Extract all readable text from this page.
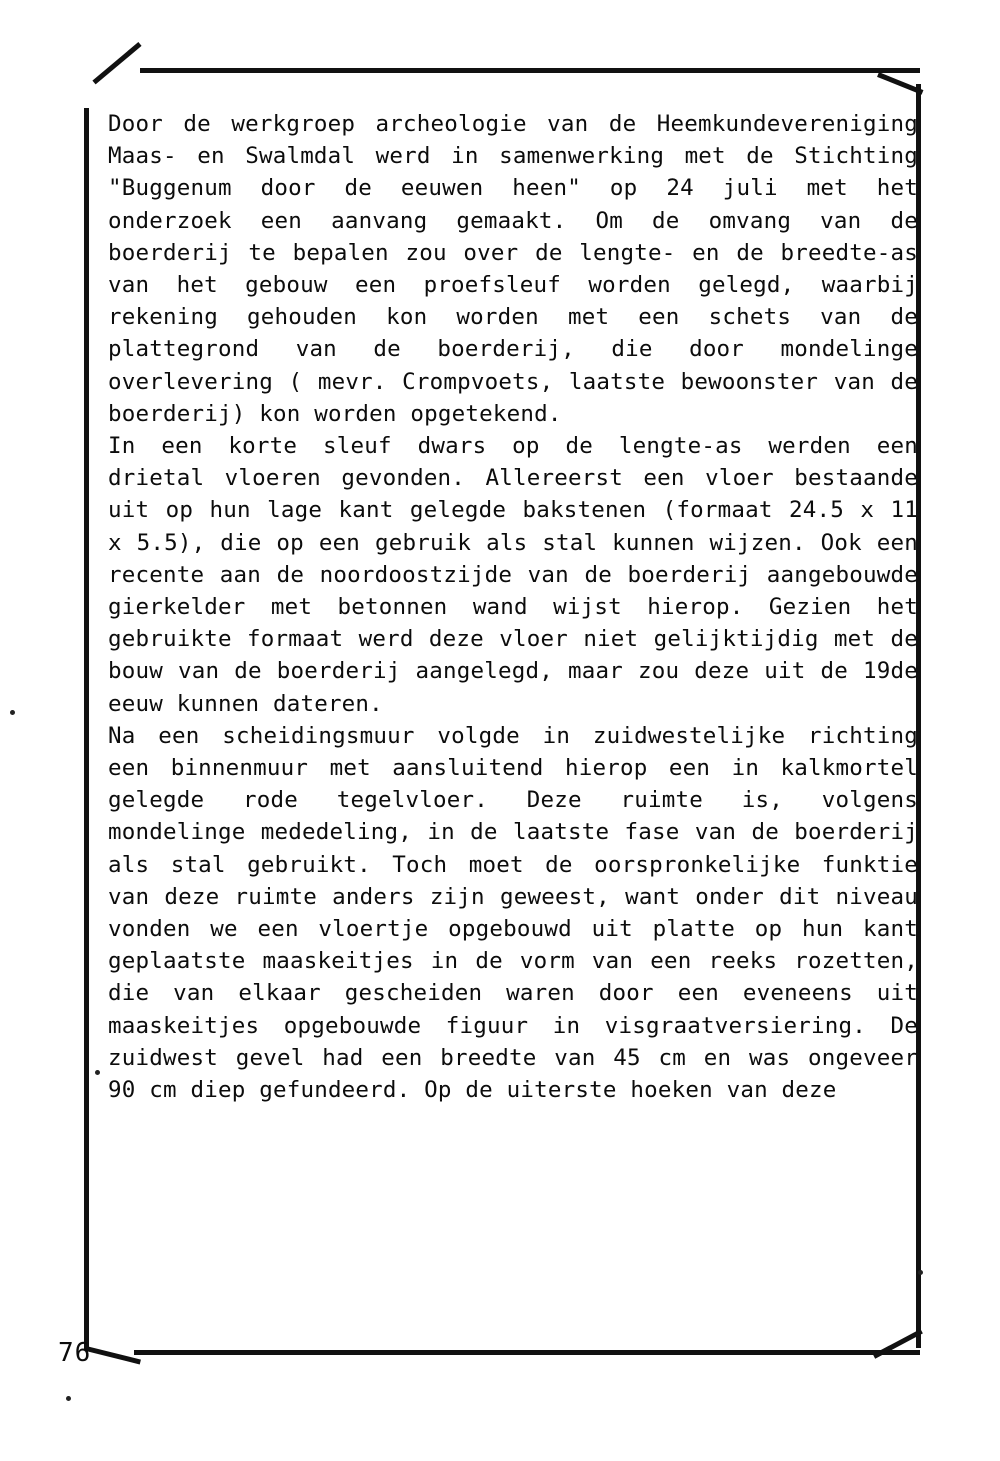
Door de werkgroep archeologie van de Heemkundevereniging Maas- en Swalmdal werd in samenwerking met de Stichting "Buggenum door de eeuwen heen" op 24 juli met het onderzoek een aanvang gemaakt. Om de omvang van de boerderij te bepalen zou over de lengte- en de breedte-as van het gebouw een proefsleuf worden gelegd, waarbij rekening gehouden kon worden met een schets van de plattegrond van de boerderij, die door mondelinge overlevering ( mevr. Crompvoets, laatste bewoonster van de boerderij) kon worden opgetekend.

In een korte sleuf dwars op de lengte-as werden een drietal vloeren gevonden. Allereerst een vloer bestaande uit op hun lage kant gelegde bakstenen (formaat 24.5 x 11 x 5.5), die op een gebruik als stal kunnen wijzen. Ook een recente aan de noordoostzijde van de boerderij aangebouwde gierkelder met betonnen wand wijst hierop. Gezien het gebruikte formaat werd deze vloer niet gelijktijdig met de bouw van de boerderij aangelegd, maar zou deze uit de 19de eeuw kunnen dateren.

Na een scheidingsmuur volgde in zuidwestelijke richting een binnenmuur met aansluitend hierop een in kalkmortel gelegde rode tegelvloer. Deze ruimte is, volgens mondelinge mededeling, in de laatste fase van de boerderij als stal gebruikt. Toch moet de oorspronkelijke funktie van deze ruimte anders zijn geweest, want onder dit niveau vonden we een vloertje opgebouwd uit platte op hun kant geplaatste maaskeitjes in de vorm van een reeks rozetten, die van elkaar gescheiden waren door een eveneens uit maaskeitjes opgebouwde figuur in visgraatversiering. De zuidwest gevel had een breedte van 45 cm en was ongeveer 90 cm diep gefundeerd. Op de uiterste hoeken van deze

76
